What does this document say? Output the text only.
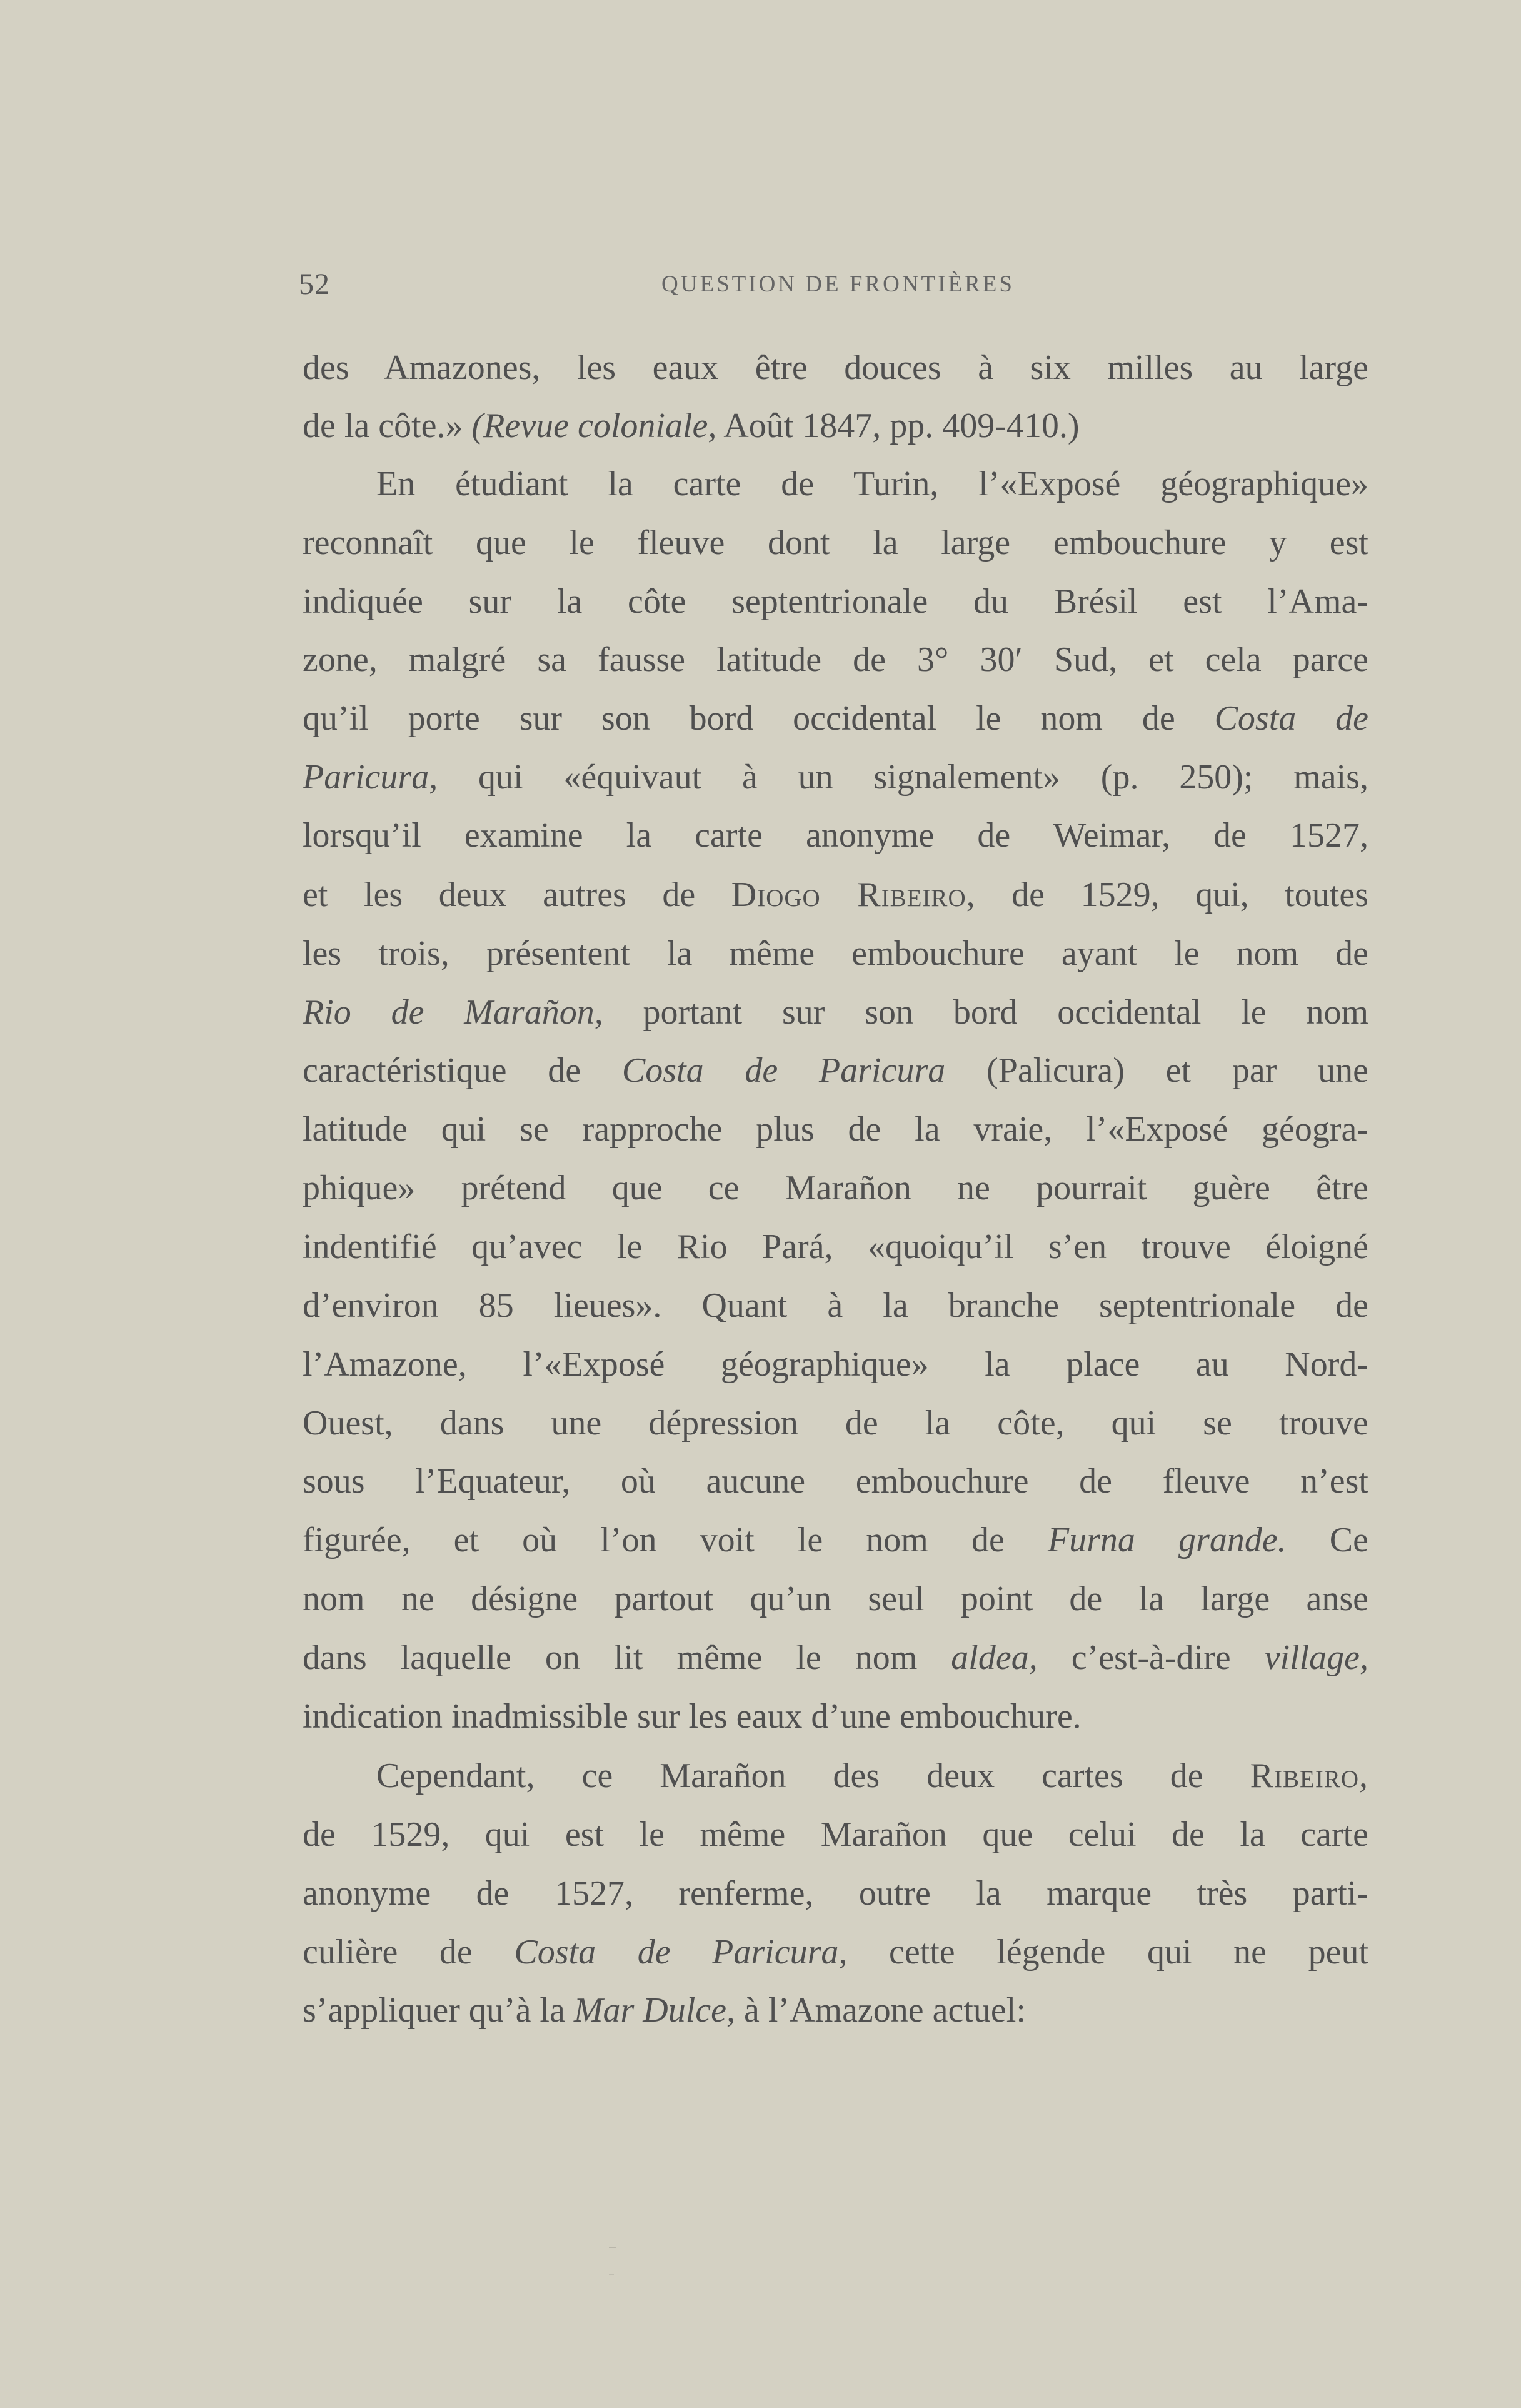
52	QUESTION DE FRONTIÈRES
des Amazones, les eaux être douces à six milles au large
de la côte.» (Revue coloniale, Août 1847, pp. 409-410.)
En étudiant la carte de Turin, l’«Exposé géographique»
reconnaît que le fleuve dont la large embouchure y est
indiquée sur la côte septentrionale du Brésil est l’Ama-
zone, malgré sa fausse latitude de 3° 30′ Sud, et cela parce
qu’il porte sur son bord occidental le nom de Costa de
Paricura, qui «équivaut à un signalement» (p. 250); mais,
lorsqu’il examine la carte anonyme de Weimar, de 1527,
et les deux autres de Diogo Ribeiro, de 1529, qui, toutes
les trois, présentent la même embouchure ayant le nom de
Rio de Marañon, portant sur son bord occidental le nom
caractéristique de Costa de Paricura (Palicura) et par une
latitude qui se rapproche plus de la vraie, l’«Exposé géogra-
phique» prétend que ce Marañon ne pourrait guère être
indentifié qu’avec le Rio Pará, «quoiqu’il s’en trouve éloigné
d’environ 85 lieues». Quant à la branche septentrionale de
l’Amazone, l’«Exposé géographique» la place au Nord-
Ouest, dans une dépression de la côte, qui se trouve
sous l’Equateur, où aucune embouchure de fleuve n’est
figurée, et où l’on voit le nom de Furna grande. Ce
nom ne désigne partout qu’un seul point de la large anse
dans laquelle on lit même le nom aldea, c’est-à-dire village,
indication inadmissible sur les eaux d’une embouchure.
Cependant, ce Marañon des deux cartes de Ribeiro,
de 1529, qui est le même Marañon que celui de la carte
anonyme de 1527, renferme, outre la marque très parti-
culière de Costa de Paricura, cette légende qui ne peut
s’appliquer qu’à la Mar Dulce, à l’Amazone actuel:
